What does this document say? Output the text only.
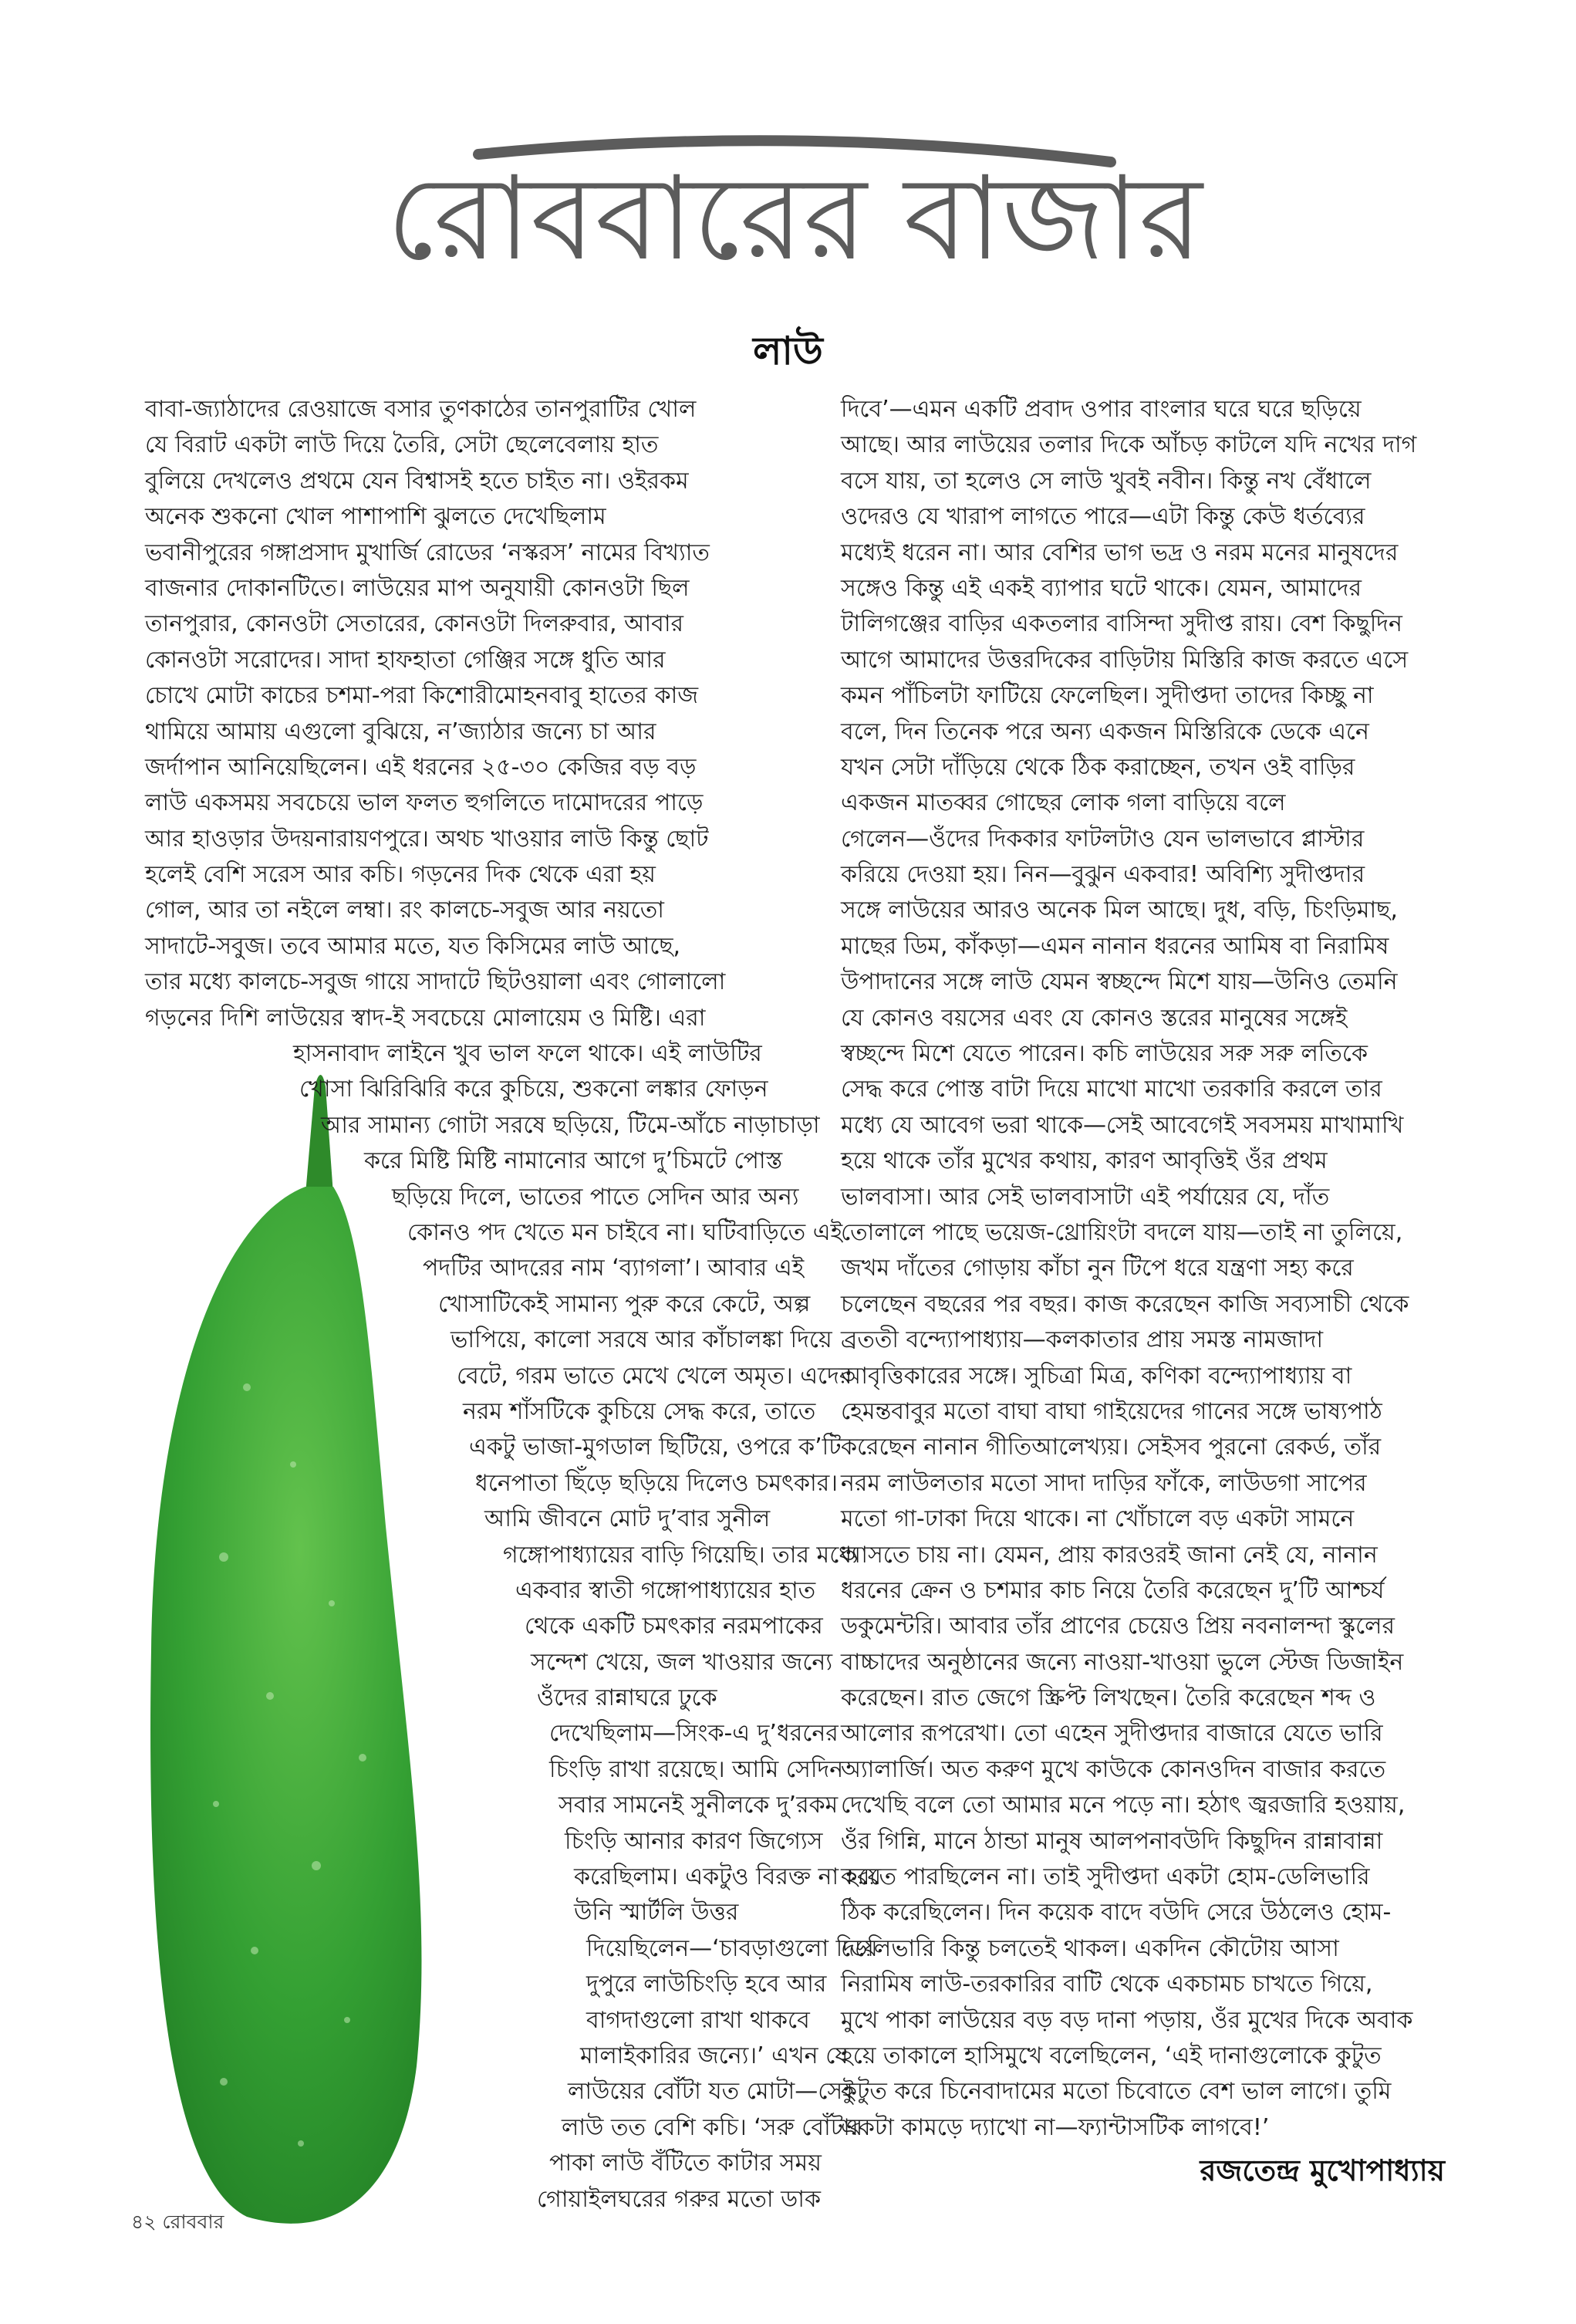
রোববারের বাজার
লাউ
বাবা-জ্যাঠাদের রেওয়াজে বসার তুণকাঠের তানপুরাটির খোল
যে বিরাট একটা লাউ দিয়ে তৈরি, সেটা ছেলেবেলায় হাত
বুলিয়ে দেখলেও প্রথমে যেন বিশ্বাসই হতে চাইত না। ওইরকম
অনেক শুকনো খোল পাশাপাশি ঝুলতে দেখেছিলাম
ভবানীপুরের গঙ্গাপ্রসাদ মুখার্জি রোডের ‘নস্করস’ নামের বিখ্যাত
বাজনার দোকানটিতে। লাউয়ের মাপ অনুযায়ী কোনওটা ছিল
তানপুরার, কোনওটা সেতারের, কোনওটা দিলরুবার, আবার
কোনওটা সরোদের। সাদা হাফহাতা গেঞ্জির সঙ্গে ধুতি আর
চোখে মোটা কাচের চশমা-পরা কিশোরীমোহনবাবু হাতের কাজ
থামিয়ে আমায় এগুলো বুঝিয়ে, ন’জ্যাঠার জন্যে চা আর
জর্দাপান আনিয়েছিলেন। এই ধরনের ২৫-৩০ কেজির বড় বড়
লাউ একসময় সবচেয়ে ভাল ফলত হুগলিতে দামোদরের পাড়ে
আর হাওড়ার উদয়নারায়ণপুরে। অথচ খাওয়ার লাউ কিন্তু ছোট
হলেই বেশি সরেস আর কচি। গড়নের দিক থেকে এরা হয়
গোল, আর তা নইলে লম্বা। রং কালচে-সবুজ আর নয়তো
সাদাটে-সবুজ। তবে আমার মতে, যত কিসিমের লাউ আছে,
তার মধ্যে কালচে-সবুজ গায়ে সাদাটে ছিটওয়ালা এবং গোলালো
গড়নের দিশি লাউয়ের স্বাদ-ই সবচেয়ে মোলায়েম ও মিষ্টি। এরা
হাসনাবাদ লাইনে খুব ভাল ফলে থাকে। এই লাউটির
খোসা ঝিরিঝিরি করে কুচিয়ে, শুকনো লঙ্কার ফোড়ন
আর সামান্য গোটা সরষে ছড়িয়ে, টিমে-আঁচে নাড়াচাড়া
করে মিষ্টি মিষ্টি নামানোর আগে দু’চিমটে পোস্ত
ছড়িয়ে দিলে, ভাতের পাতে সেদিন আর অন্য
কোনও পদ খেতে মন চাইবে না। ঘটিবাড়িতে এই
পদটির আদরের নাম ‘ব্যাগলা’। আবার এই
খোসাটিকেই সামান্য পুরু করে কেটে, অল্প
ভাপিয়ে, কালো সরষে আর কাঁচালঙ্কা দিয়ে
বেটে, গরম ভাতে মেখে খেলে অমৃত। এদের
নরম শাঁসটিকে কুচিয়ে সেদ্ধ করে, তাতে
একটু ভাজা-মুগডাল ছিটিয়ে, ওপরে ক’টি
ধনেপাতা ছিঁড়ে ছড়িয়ে দিলেও চমৎকার।
আমি জীবনে মোট দু’বার সুনীল
গঙ্গোপাধ্যায়ের বাড়ি গিয়েছি। তার মধ্যে
একবার স্বাতী গঙ্গোপাধ্যায়ের হাত
থেকে একটি চমৎকার নরমপাকের
সন্দেশ খেয়ে, জল খাওয়ার জন্যে
ওঁদের রান্নাঘরে ঢুকে
দেখেছিলাম—সিংক-এ দু’ধরনের
চিংড়ি রাখা রয়েছে। আমি সেদিন
সবার সামনেই সুনীলকে দু’রকম
চিংড়ি আনার কারণ জিগ্যেস
করেছিলাম। একটুও বিরক্ত না হয়ে
উনি স্মার্টলি উত্তর
দিয়েছিলেন—‘চাবড়াগুলো দিয়ে
দুপুরে লাউচিংড়ি হবে আর
বাগদাগুলো রাখা থাকবে
মালাইকারির জন্যে।’ এখন যে
লাউয়ের বোঁটা যত মোটা—সেই
লাউ তত বেশি কচি। ‘সরু বোঁটার
পাকা লাউ বঁটিতে কাটার সময়
গোয়াইলঘরের গরুর মতো ডাক
দিবে’—এমন একটি প্রবাদ ওপার বাংলার ঘরে ঘরে ছড়িয়ে
আছে। আর লাউয়ের তলার দিকে আঁচড় কাটলে যদি নখের দাগ
বসে যায়, তা হলেও সে লাউ খুবই নবীন। কিন্তু নখ বেঁধালে
ওদেরও যে খারাপ লাগতে পারে—এটা কিন্তু কেউ ধর্তব্যের
মধ্যেই ধরেন না। আর বেশির ভাগ ভদ্র ও নরম মনের মানুষদের
সঙ্গেও কিন্তু এই একই ব্যাপার ঘটে থাকে। যেমন, আমাদের
টালিগঞ্জের বাড়ির একতলার বাসিন্দা সুদীপ্ত রায়। বেশ কিছুদিন
আগে আমাদের উত্তরদিকের বাড়িটায় মিস্তিরি কাজ করতে এসে
কমন পাঁচিলটা ফাটিয়ে ফেলেছিল। সুদীপ্তদা তাদের কিচ্ছু না
বলে, দিন তিনেক পরে অন্য একজন মিস্তিরিকে ডেকে এনে
যখন সেটা দাঁড়িয়ে থেকে ঠিক করাচ্ছেন, তখন ওই বাড়ির
একজন মাতব্বর গোছের লোক গলা বাড়িয়ে বলে
গেলেন—ওঁদের দিককার ফাটলটাও যেন ভালভাবে প্লাস্টার
করিয়ে দেওয়া হয়। নিন—বুঝুন একবার! অবিশ্যি সুদীপ্তদার
সঙ্গে লাউয়ের আরও অনেক মিল আছে। দুধ, বড়ি, চিংড়িমাছ,
মাছের ডিম, কাঁকড়া—এমন নানান ধরনের আমিষ বা নিরামিষ
উপাদানের সঙ্গে লাউ যেমন স্বচ্ছন্দে মিশে যায়—উনিও তেমনি
যে কোনও বয়সের এবং যে কোনও স্তরের মানুষের সঙ্গেই
স্বচ্ছন্দে মিশে যেতে পারেন। কচি লাউয়ের সরু সরু লতিকে
সেদ্ধ করে পোস্ত বাটা দিয়ে মাখো মাখো তরকারি করলে তার
মধ্যে যে আবেগ ভরা থাকে—সেই আবেগেই সবসময় মাখামাখি
হয়ে থাকে তাঁর মুখের কথায়, কারণ আবৃত্তিই ওঁর প্রথম
ভালবাসা। আর সেই ভালবাসাটা এই পর্যায়ের যে, দাঁত
তোলালে পাছে ভয়েজ-থ্রোয়িংটা বদলে যায়—তাই না তুলিয়ে,
জখম দাঁতের গোড়ায় কাঁচা নুন টিপে ধরে যন্ত্রণা সহ্য করে
চলেছেন বছরের পর বছর। কাজ করেছেন কাজি সব্যসাচী থেকে
ব্রততী বন্দ্যোপাধ্যায়—কলকাতার প্রায় সমস্ত নামজাদা
আবৃত্তিকারের সঙ্গে। সুচিত্রা মিত্র, কণিকা বন্দ্যোপাধ্যায় বা
হেমন্তবাবুর মতো বাঘা বাঘা গাইয়েদের গানের সঙ্গে ভাষ্যপাঠ
করেছেন নানান গীতিআলেখ্যয়। সেইসব পুরনো রেকর্ড, তাঁর
নরম লাউলতার মতো সাদা দাড়ির ফাঁকে, লাউডগা সাপের
মতো গা-ঢাকা দিয়ে থাকে। না খোঁচালে বড় একটা সামনে
আসতে চায় না। যেমন, প্রায় কারওরই জানা নেই যে, নানান
ধরনের ক্রেন ও চশমার কাচ নিয়ে তৈরি করেছেন দু’টি আশ্চর্য
ডকুমেন্টরি। আবার তাঁর প্রাণের চেয়েও প্রিয় নবনালন্দা স্কুলের
বাচ্চাদের অনুষ্ঠানের জন্যে নাওয়া-খাওয়া ভুলে স্টেজ ডিজাইন
করেছেন। রাত জেগে স্ক্রিপ্ট লিখছেন। তৈরি করেছেন শব্দ ও
আলোর রূপরেখা। তো এহেন সুদীপ্তদার বাজারে যেতে ভারি
অ্যালার্জি। অত করুণ মুখে কাউকে কোনওদিন বাজার করতে
দেখেছি বলে তো আমার মনে পড়ে না। হঠাৎ জ্বরজারি হওয়ায়,
ওঁর গিন্নি, মানে ঠান্ডা মানুষ আলপনাবউদি কিছুদিন রান্নাবান্না
করতে পারছিলেন না। তাই সুদীপ্তদা একটা হোম-ডেলিভারি
ঠিক করেছিলেন। দিন কয়েক বাদে বউদি সেরে উঠলেও হোম-
ডেলিভারি কিন্তু চলতেই থাকল। একদিন কৌটোয় আসা
নিরামিষ লাউ-তরকারির বাটি থেকে একচামচ চাখতে গিয়ে,
মুখে পাকা লাউয়ের বড় বড় দানা পড়ায়, ওঁর মুখের দিকে অবাক
হয়ে তাকালে হাসিমুখে বলেছিলেন, ‘এই দানাগুলোকে কুটুত
কুটুত করে চিনেবাদামের মতো চিবোতে বেশ ভাল লাগে। তুমি
একটা কামড়ে দ্যাখো না—ফ্যান্টাসটিক লাগবে!’
রজতেন্দ্র মুখোপাধ্যায়
৪২ রোববার
